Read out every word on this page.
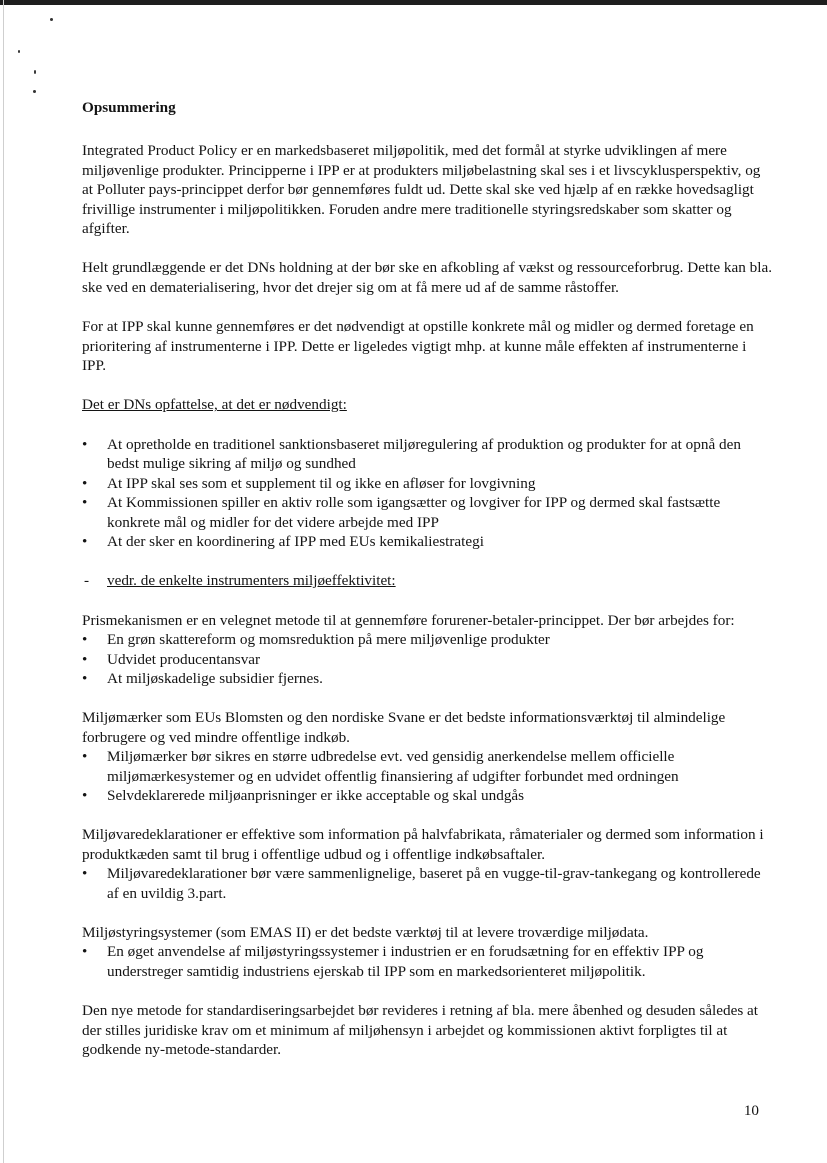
Opsummering

Integrated Product Policy er en markedsbaseret miljøpolitik, med det formål at styrke udviklingen af mere miljøvenlige produkter. Principperne i IPP er at produkters miljøbelastning skal ses i et livscyklusperspektiv, og at Polluter pays-princippet derfor bør gennemføres fuldt ud. Dette skal ske ved hjælp af en række hovedsagligt frivillige instrumenter i miljøpolitikken. Foruden andre mere traditionelle styringsredskaber som skatter og afgifter.

Helt grundlæggende er det DNs holdning at der bør ske en afkobling af vækst og ressourceforbrug. Dette kan bla. ske ved en dematerialisering, hvor det drejer sig om at få mere ud af de samme råstoffer.

For at IPP skal kunne gennemføres er det nødvendigt at opstille konkrete mål og midler og dermed foretage en prioritering af instrumenterne i IPP. Dette er ligeledes vigtigt mhp. at kunne måle effekten af instrumenterne i IPP.

Det er DNs opfattelse, at det er nødvendigt:

• At opretholde en traditionel sanktionsbaseret miljøregulering af produktion og produkter for at opnå den bedst mulige sikring af miljø og sundhed
• At IPP skal ses som et supplement til og ikke en afløser for lovgivning
• At Kommissionen spiller en aktiv rolle som igangsætter og lovgiver for IPP og dermed skal fastsætte konkrete mål og midler for det videre arbejde med IPP
• At der sker en koordinering af IPP med EUs kemikaliestrategi
- vedr. de enkelte instrumenters miljøeffektivitet:

Prismekanismen er en velegnet metode til at gennemføre forurener-betaler-princippet. Der bør arbejdes for:

• En grøn skattereform og momsreduktion på mere miljøvenlige produkter
• Udvidet producentansvar
• At miljøskadelige subsidier fjernes.

Miljømærker som EUs Blomsten og den nordiske Svane er det bedste informationsværktøj til almindelige forbrugere og ved mindre offentlige indkøb.

• Miljømærker bør sikres en større udbredelse evt. ved gensidig anerkendelse mellem officielle miljømærkesystemer og en udvidet offentlig finansiering af udgifter forbundet med ordningen
• Selvdeklarerede miljøanprisninger er ikke acceptable og skal undgås

Miljøvaredeklarationer er effektive som information på halvfabrikata, råmaterialer og dermed som information i produktkæden samt til brug i offentlige udbud og i offentlige indkøbsaftaler.

• Miljøvaredeklarationer bør være sammenlignelige, baseret på en vugge-til-grav-tankegang og kontrollerede af en uvildig 3.part.

Miljøstyringsystemer (som EMAS II) er det bedste værktøj til at levere troværdige miljødata.

• En øget anvendelse af miljøstyringssystemer i industrien er en forudsætning for en effektiv IPP og understreger samtidig industriens ejerskab til IPP som en markedsorienteret miljøpolitik.

Den nye metode for standardiseringsarbejdet bør revideres i retning af bla. mere åbenhed og desuden således at der stilles juridiske krav om et minimum af miljøhensyn i arbejdet og kommissionen aktivt forpligtes til at godkende ny-metode-standarder.

10
